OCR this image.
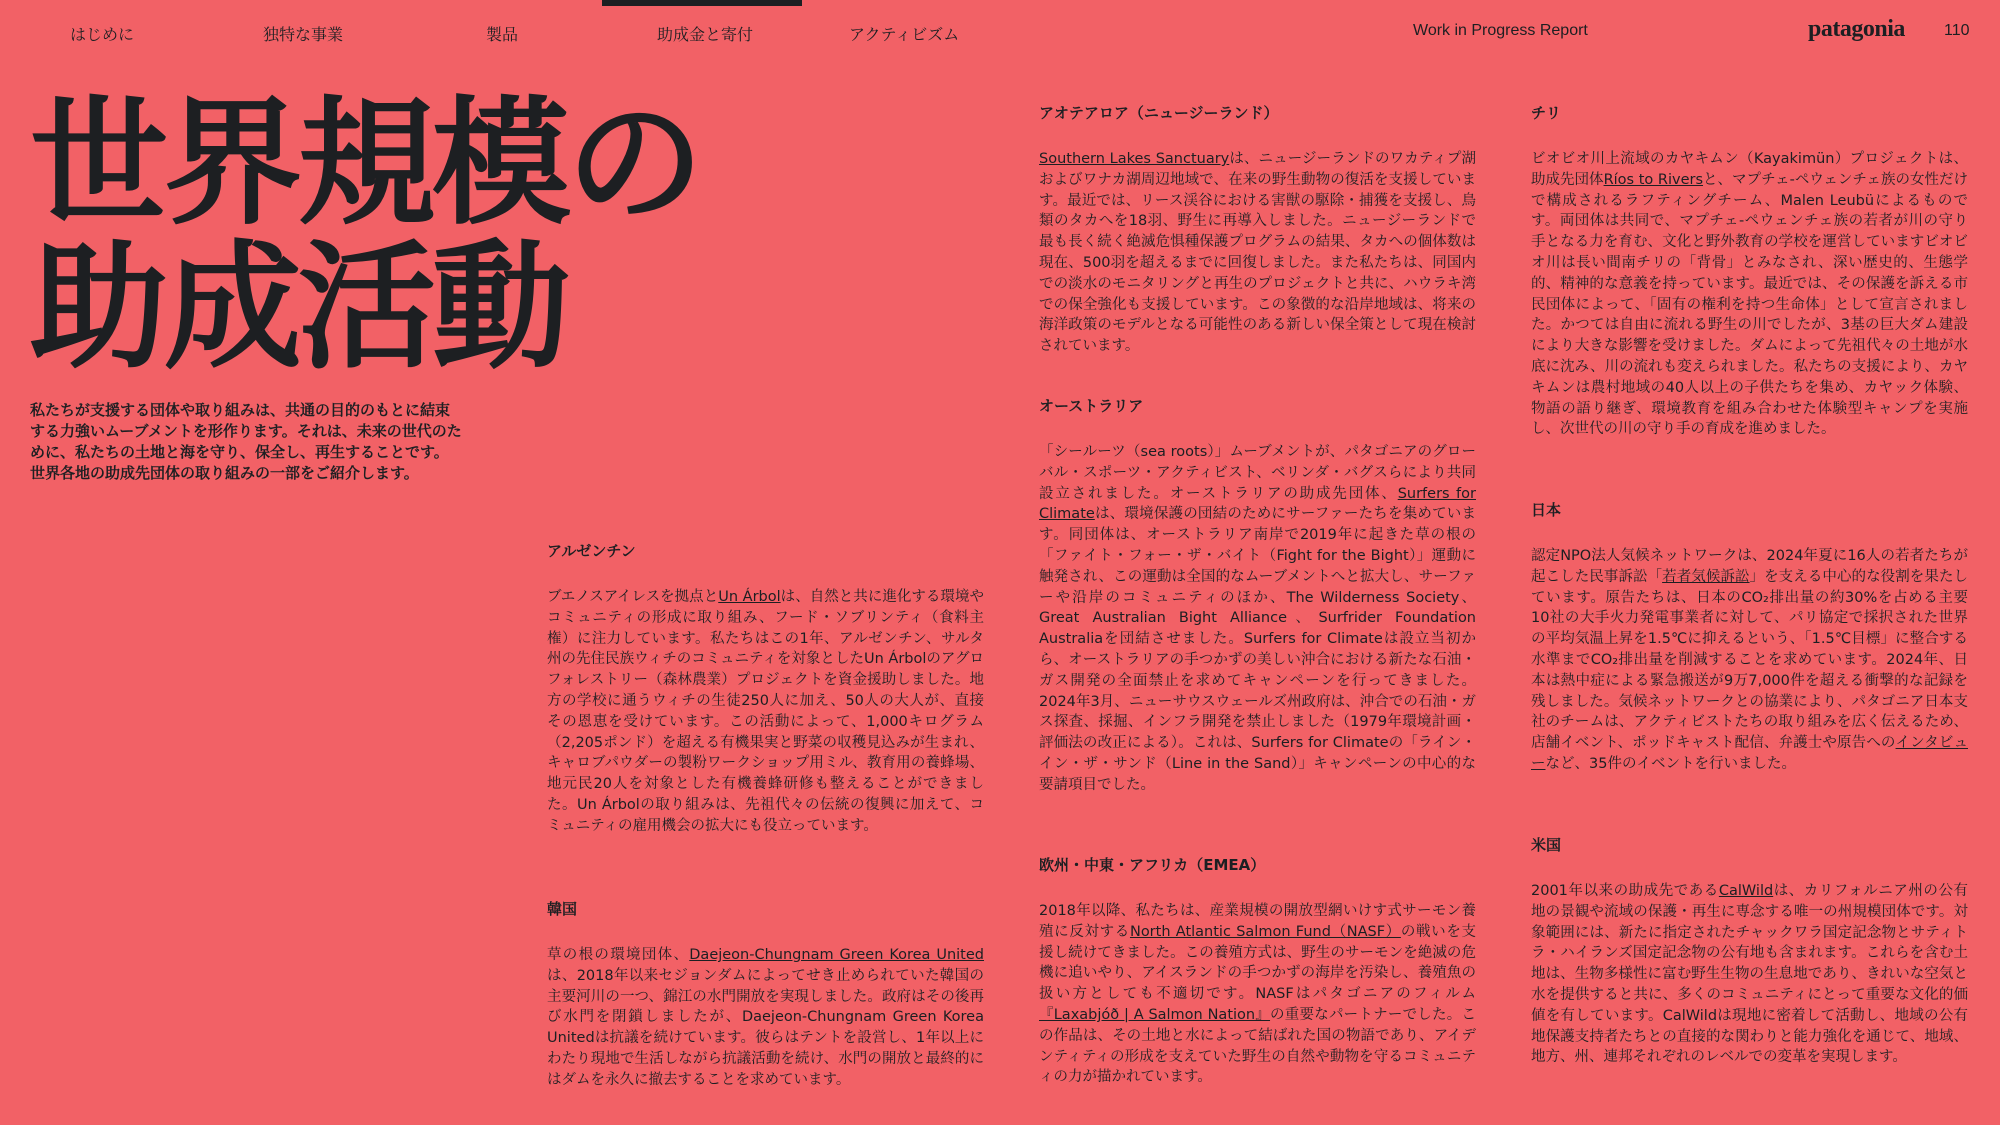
はじめに	独特な事業	製品	助成金と寄付	アクティビズム	Work in Progress Report	patagonia 110
世界規模の
助成活動

私たちが支援する団体や取り組みは、共通の目的のもとに結束する力強いムーブメントを形作ります。それは、未来の世代のために、私たちの土地と海を守り、保全し、再生することです。世界各地の助成先団体の取り組みの一部をご紹介します。

アルゼンチン

ブエノスアイレスを拠点とUn Árbolは、自然と共に進化する環境やコミュニティの形成に取り組み、フード・ソブリンティ（食料主権）に注力しています。私たちはこの1年、アルゼンチン、サルタ州の先住民族ウィチのコミュニティを対象としたUn Árbolのアグロフォレストリー（森林農業）プロジェクトを資金援助しました。地方の学校に通うウィチの生徒250人に加え、50人の大人が、直接その恩恵を受けています。この活動によって、1,000キログラム（2,205ポンド）を超える有機果実と野菜の収穫見込みが生まれ、キャロブパウダーの製粉ワークショップ用ミル、教育用の養蜂場、地元民20人を対象とした有機養蜂研修も整えることができました。Un Árbolの取り組みは、先祖代々の伝統の復興に加えて、コミュニティの雇用機会の拡大にも役立っています。

韓国

草の根の環境団体、Daejeon-Chungnam Green Korea Unitedは、2018年以来セジョンダムによってせき止められていた韓国の主要河川の一つ、錦江の水門開放を実現しました。政府はその後再び水門を閉鎖しましたが、Daejeon-Chungnam Green Korea Unitedは抗議を続けています。彼らはテントを設営し、1年以上にわたり現地で生活しながら抗議活動を続け、水門の開放と最終的にはダムを永久に撤去することを求めています。

アオテアロア（ニュージーランド）

Southern Lakes Sanctuaryは、ニュージーランドのワカティプ湖およびワナカ湖周辺地域で、在来の野生動物の復活を支援しています。最近では、リース渓谷における害獣の駆除・捕獲を支援し、鳥類のタカへを18羽、野生に再導入しました。ニュージーランドで最も長く続く絶滅危惧種保護プログラムの結果、タカへの個体数は現在、500羽を超えるまでに回復しました。また私たちは、同国内での淡水のモニタリングと再生のプロジェクトと共に、ハウラキ湾での保全強化も支援しています。この象徴的な沿岸地域は、将来の海洋政策のモデルとなる可能性のある新しい保全策として現在検討されています。

オーストラリア

「シールーツ（sea roots）」ムーブメントが、パタゴニアのグローバル・スポーツ・アクティビスト、ベリンダ・バグスらにより共同設立されました。オーストラリアの助成先団体、Surfers for Climateは、環境保護の団結のためにサーファーたちを集めています。同団体は、オーストラリア南岸で2019年に起きた草の根の「ファイト・フォー・ザ・バイト（Fight for the Bight）」運動に触発され、この運動は全国的なムーブメントへと拡大し、サーファーや沿岸のコミュニティのほか、The Wilderness Society、Great Australian Bight Alliance、Surfrider Foundation Australiaを団結させました。Surfers for Climateは設立当初から、オーストラリアの手つかずの美しい沖合における新たな石油・ガス開発の全面禁止を求めてキャンペーンを行ってきました。2024年3月、ニューサウスウェールズ州政府は、沖合での石油・ガス探査、採掘、インフラ開発を禁止しました（1979年環境計画・評価法の改正による）。これは、Surfers for Climateの「ライン・イン・ザ・サンド（Line in the Sand）」キャンペーンの中心的な要請項目でした。

欧州・中東・アフリカ（EMEA）

2018年以降、私たちは、産業規模の開放型網いけす式サーモン養殖に反対するNorth Atlantic Salmon Fund（NASF）の戦いを支援し続けてきました。この養殖方式は、野生のサーモンを絶滅の危機に追いやり、アイスランドの手つかずの海岸を汚染し、養殖魚の扱い方としても不適切です。NASFはパタゴニアのフィルム『Laxabjóð | A Salmon Nation』の重要なパートナーでした。この作品は、その土地と水によって結ばれた国の物語であり、アイデンティティの形成を支えていた野生の自然や動物を守るコミュニティの力が描かれています。

チリ

ビオビオ川上流域のカヤキムン（Kayakimün）プロジェクトは、助成先団体Ríos to Riversと、マプチェ-ペウェンチェ族の女性だけで構成されるラフティングチーム、Malen Leubüによるものです。両団体は共同で、マプチェ-ペウェンチェ族の若者が川の守り手となる力を育む、文化と野外教育の学校を運営していますビオビオ川は長い間南チリの「背骨」とみなされ、深い歴史的、生態学的、精神的な意義を持っています。最近では、その保護を訴える市民団体によって、「固有の権利を持つ生命体」として宣言されました。かつては自由に流れる野生の川でしたが、3基の巨大ダム建設により大きな影響を受けました。ダムによって先祖代々の土地が水底に沈み、川の流れも変えられました。私たちの支援により、カヤキムンは農村地域の40人以上の子供たちを集め、カヤック体験、物語の語り継ぎ、環境教育を組み合わせた体験型キャンプを実施し、次世代の川の守り手の育成を進めました。

日本

認定NPO法人気候ネットワークは、2024年夏に16人の若者たちが起こした民事訴訟「若者気候訴訟」を支える中心的な役割を果たしています。原告たちは、日本のCO₂排出量の約30%を占める主要10社の大手火力発電事業者に対して、パリ協定で採択された世界の平均気温上昇を1.5℃に抑えるという、「1.5℃目標」に整合する水準までCO₂排出量を削減することを求めています。2024年、日本は熱中症による緊急搬送が9万7,000件を超える衝撃的な記録を残しました。気候ネットワークとの協業により、パタゴニア日本支社のチームは、アクティビストたちの取り組みを広く伝えるため、店舗イベント、ポッドキャスト配信、弁護士や原告へのインタビューなど、35件のイベントを行いました。

米国

2001年以来の助成先であるCalWildは、カリフォルニア州の公有地の景観や流域の保護・再生に専念する唯一の州規模団体です。対象範囲には、新たに指定されたチャックワラ国定記念物とサティトラ・ハイランズ国定記念物の公有地も含まれます。これらを含む土地は、生物多様性に富む野生生物の生息地であり、きれいな空気と水を提供すると共に、多くのコミュニティにとって重要な文化的価値を有しています。CalWildは現地に密着して活動し、地域の公有地保護支持者たちとの直接的な関わりと能力強化を通じて、地域、地方、州、連邦それぞれのレベルでの変革を実現します。
